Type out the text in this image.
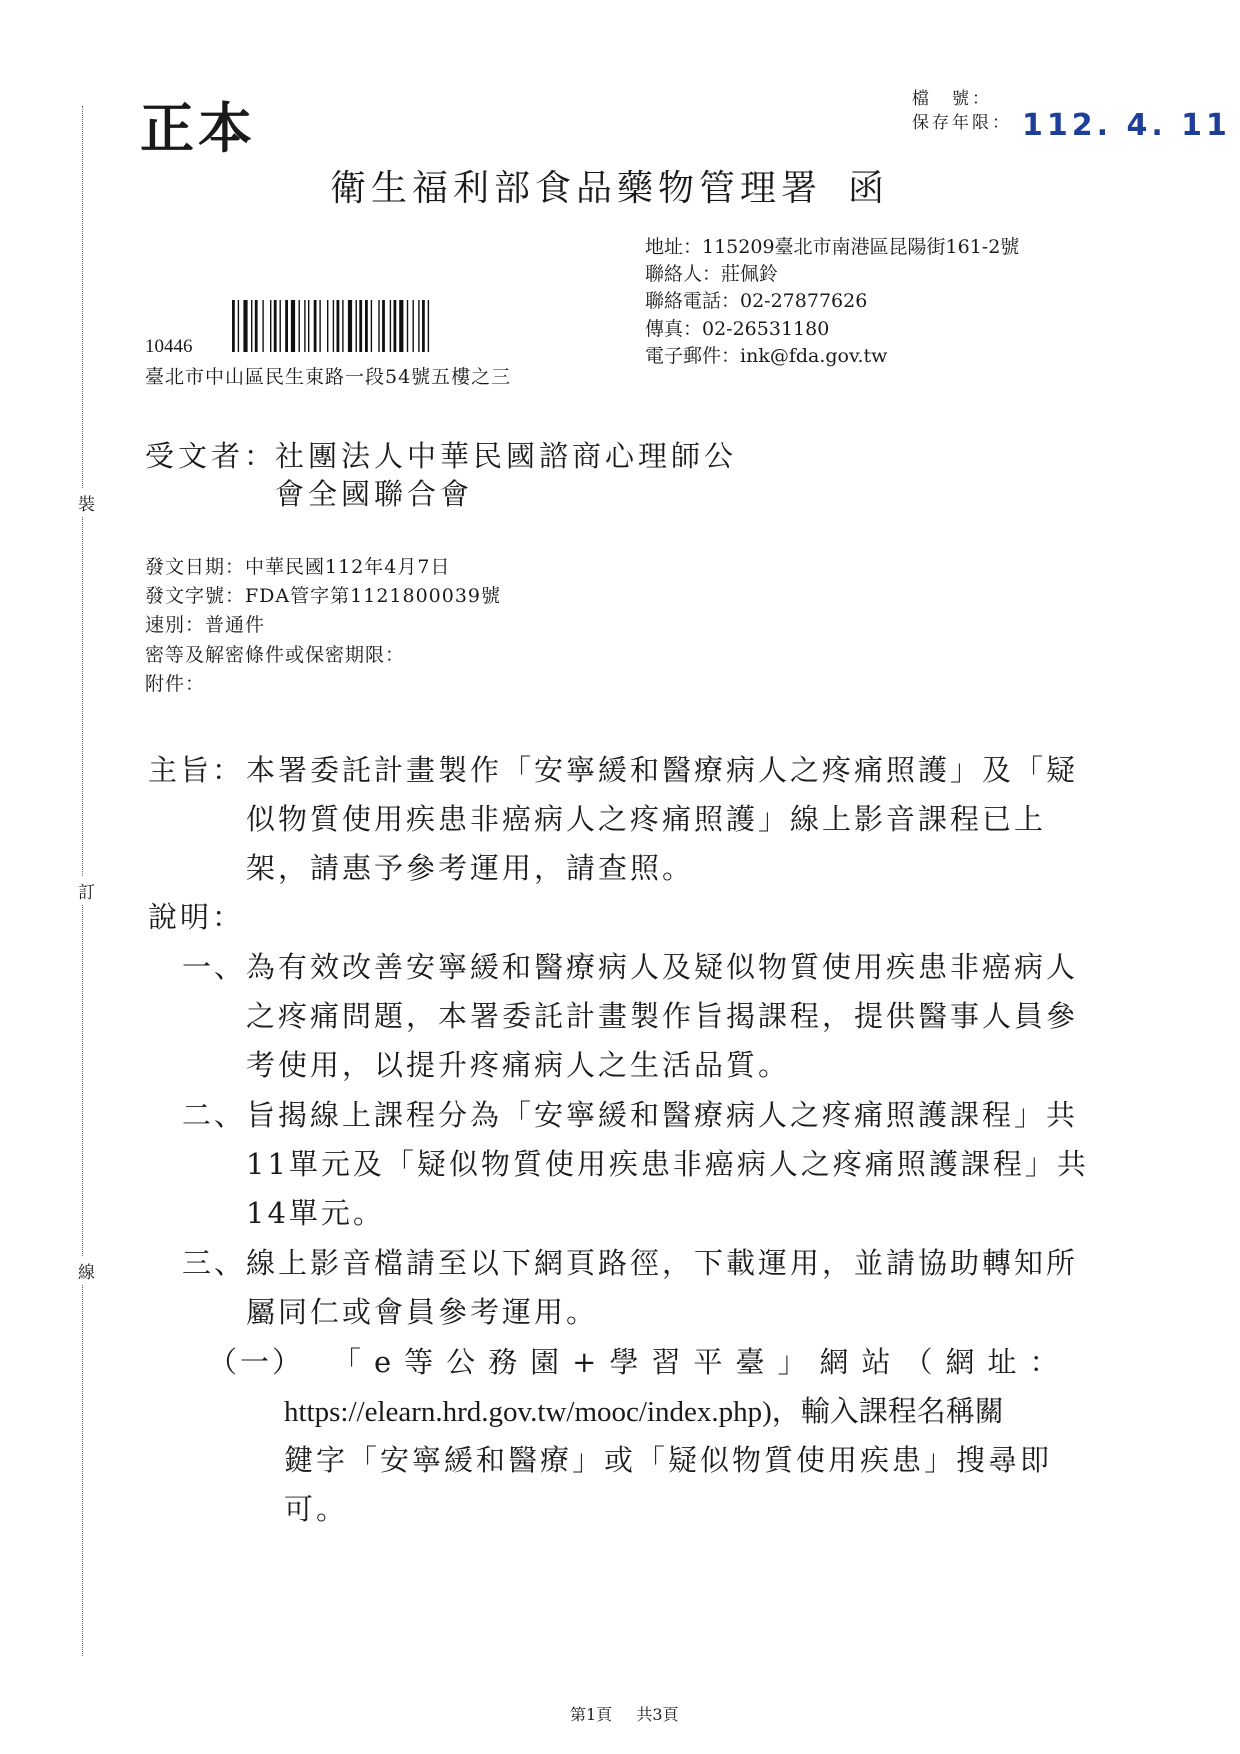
裝
訂
線
正本	檔　號：
保存年限： 112. 4. 11
衛生福利部食品藥物管理署 函
地址：115209臺北市南港區昆陽街161-2號
聯絡人：莊佩鈴
聯絡電話：02-27877626
傳真：02-26531180
電子郵件：ink@fda.gov.tw
10446
臺北市中山區民生東路一段54號五樓之三
受文者：
社團法人中華民國諮商心理師公
會全國聯合會
發文日期：中華民國112年4月7日
發文字號：FDA管字第1121800039號
速別：普通件
密等及解密條件或保密期限：
附件：
主旨： 本署委託計畫製作「安寧緩和醫療病人之疼痛照護」及「疑
似物質使用疾患非癌病人之疼痛照護」線上影音課程已上
架，請惠予參考運用，請查照。
說明：
一、 為有效改善安寧緩和醫療病人及疑似物質使用疾患非癌病人
之疼痛問題，本署委託計畫製作旨揭課程，提供醫事人員參
考使用，以提升疼痛病人之生活品質。
二、 旨揭線上課程分為「安寧緩和醫療病人之疼痛照護課程」共
11單元及「疑似物質使用疾患非癌病人之疼痛照護課程」共
14單元。
三、 線上影音檔請至以下網頁路徑，下載運用，並請協助轉知所
屬同仁或會員參考運用。
（一） 「e等公務園+學習平臺」網站（網址：
https://elearn.hrd.gov.tw/mooc/index.php)，輸入課程名稱關
鍵字「安寧緩和醫療」或「疑似物質使用疾患」搜尋即
可。
第1頁 共3頁
